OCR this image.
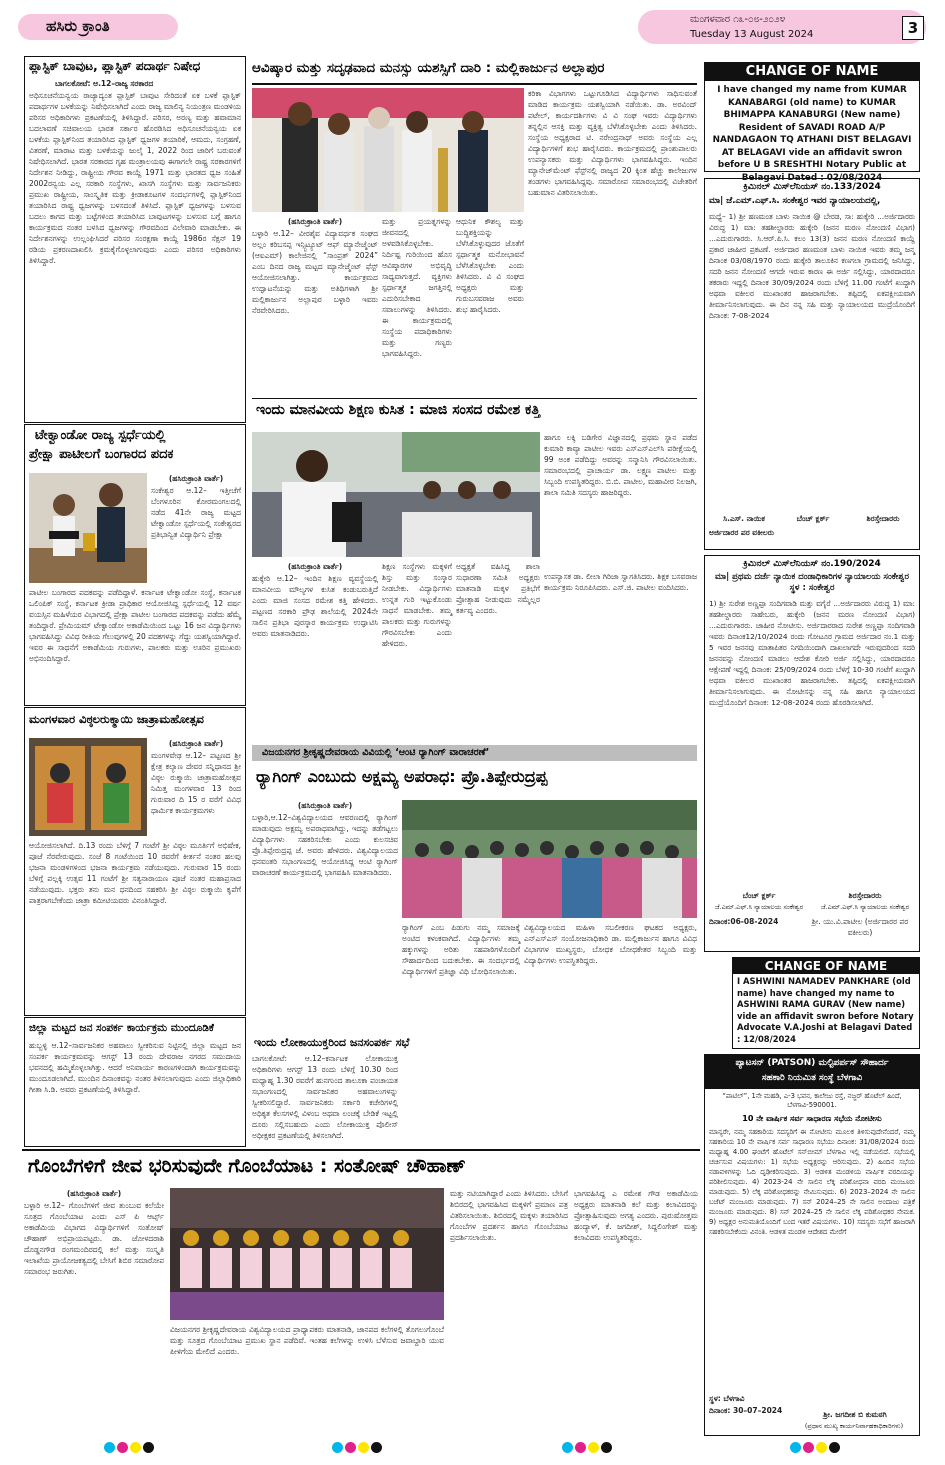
ಹಸಿರು ಕ್ರಾಂತಿ	ಮಂಗಳವಾರ ೧೩-೦೮-೨೦೨೪
Tuesday 13 August 2024	3
ಪ್ಲಾಸ್ಟಿಕ್ ಬಾವುಟ, ಪ್ಲಾಸ್ಟಿಕ್ ಪದಾರ್ಥ ನಿಷೇಧ
ಬಾಗಲಕೋಟೆ: ಆ.12–ರಾಜ್ಯ ಸರಕಾರದ
ಅಧಿಸೂಚನೆಯನ್ವಯ ರಾಜ್ಯಾದ್ಯಂತ ಪ್ಲಾಸ್ಟಿಕ್ ಬಾವುಟ ಸೇರಿದಂತೆ ಏಕ ಬಳಕೆ ಪ್ಲಾಸ್ಟಿಕ್ ಪದಾರ್ಥಗಳ ಬಳಕೆಯನ್ನು ನಿಷೇಧಿಸಲಾಗಿದೆ ಎಂದು ರಾಜ್ಯ ಮಾಲಿನ್ಯ ನಿಯಂತ್ರಣ ಮಂಡಳಿಯ ಪರಿಸರ ಅಧಿಕಾರಿಗಳು ಪ್ರಕಟಣೆಯಲ್ಲಿ ತಿಳಿಸಿದ್ದಾರೆ. ಪರಿಸರ, ಅರಣ್ಯ ಮತ್ತು ಹವಾಮಾನ ಬದಲಾವಣೆ ಸಚಿವಾಲಯ ಭಾರತ ಸರ್ಕಾರ ಹೊರಡಿಸಿದ ಅಧಿಸೂಚನೆಯನ್ವಯ ಏಕ ಬಳಕೆಯ ಪ್ಲಾಸ್ಟಿಕ್‌ನಿಂದ ತಯಾರಿಸಿದ ಪ್ಲಾಸ್ಟಿಕ್ ಧ್ವಜಗಳ ತಯಾರಿಕೆ, ಆಮದು, ಸಂಗ್ರಹಣೆ, ವಿತರಣೆ, ಮಾರಾಟ ಮತ್ತು ಬಳಕೆಯನ್ನು ಜುಲೈ 1, 2022 ರಿಂದ ಜಾರಿಗೆ ಬರುವಂತೆ ನಿಷೇಧಿಸಲಾಗಿದೆ. ಭಾರತ ಸರಕಾರದ ಗೃಹ ಮಂತ್ರಾಲಯವು ಈಗಾಗಲೇ ರಾಷ್ಟ್ರ ಸರಕಾರಗಳಿಗೆ ನಿರ್ದೇಶನ ನೀಡಿದ್ದು, ರಾಷ್ಟ್ರೀಯ ಗೌರವ ಕಾಯ್ದೆ 1971 ಮತ್ತು ಭಾರತದ ಧ್ವಜ ಸಂಹಿತೆ 2002ರನ್ವಯ ಎಲ್ಲ ಸರಕಾರಿ ಸಂಸ್ಥೆಗಳು, ಖಾಸಗಿ ಸಂಸ್ಥೆಗಳು ಮತ್ತು ಸಾರ್ವಜನಿಕರು ಪ್ರಮುಖ ರಾಷ್ಟ್ರೀಯ, ಸಾಂಸ್ಕೃತಿಕ ಮತ್ತು ಕ್ರೀಡಾಕೂಟಗಳ ಸಂದರ್ಭಗಳಲ್ಲಿ ಪ್ಲಾಸ್ಟಿಕ್‌ನಿಂದ ತಯಾರಿಸಿದ ರಾಷ್ಟ್ರ ಧ್ವಜಗಳನ್ನು ಬಳಸದಂತೆ ತಿಳಿಸಿದೆ. ಪ್ಲಾಸ್ಟಿಕ್ ಧ್ವಜಗಳನ್ನು ಬಳಸುವ ಬದಲು ಕಾಗದ ಮತ್ತು ಬಟ್ಟೆಗಳಿಂದ ತಯಾರಿಸಿದ ಬಾವುಟಗಳನ್ನು ಬಳಸುವ ಬಗ್ಗೆ ಹಾಗೂ ಕಾರ್ಯಕ್ರಮದ ನಂತರ ಬಳಸಿದ ಧ್ವಜಗಳನ್ನು ಗೌರವದಿಂದ ವಿಲೇವಾರಿ ಮಾಡಬೇಕು. ಈ ನಿರ್ದೇಶನಗಳನ್ನು ಉಲ್ಲಂಘಿಸಿದರೆ ಪರಿಸರ ಸಂರಕ್ಷಣಾ ಕಾಯ್ದೆ 1986ರ ಸೆಕ್ಷನ್ 19 ರಡಿಯ ಪ್ರಕರಣದಾಖಲಿಸಿ ಕ್ರಮಕೈಗೊಳ್ಳಲಾಗುವುದು ಎಂದು ಪರಿಸರ ಅಧಿಕಾರಿಗಳು ತಿಳಿಸಿದ್ದಾರೆ.
ಟೇಕ್ವಾಂಡೋ ರಾಜ್ಯ ಸ್ಪರ್ಧೆಯಲ್ಲಿ
ಪ್ರೇಕ್ಷಾ ಪಾಟೀಲಗೆ ಬಂಗಾರದ ಪದಕ
(ಹಸಿರುಕ್ರಾಂತಿ ವಾರ್ತೆ)
ಸಂಕೇಶ್ವರ ಆ.12– ಇತ್ತೀಚೆಗೆ ಬೆಂಗಳೂರಿನ ಕೋರಮಂಗಲದಲ್ಲಿ ನಡೆದ 41ನೇ ರಾಜ್ಯ ಮಟ್ಟದ ಟೇಕ್ವಾಂಡೋ ಸ್ಪರ್ಧೆಯಲ್ಲಿ ಸಂಕೇಶ್ವರದ ಪ್ರತಿಭಾನ್ವಿತ ವಿದ್ಯಾರ್ಥಿನಿ ಪ್ರೇಕ್ಷಾ
ಪಾಟೀಲ ಬಂಗಾರದ ಪದಕವನ್ನು ಪಡೆದಿದ್ದಾಳೆ. ಕರ್ನಾಟಕ ಟೇಕ್ವಾಂಡೋ ಸಂಸ್ಥೆ, ಕರ್ನಾಟಕ ಒಲಿಂಪಿಕ್ ಸಂಸ್ಥೆ, ಕರ್ನಾಟಕ ಕ್ರೀಡಾ ಪ್ರಾಧಿಕಾರ ಆಯೋಜಿಸಿದ್ದ ಸ್ಪರ್ಧೆಯಲ್ಲಿ 12 ವರ್ಷ ವಯಸ್ಸಿನ ಮಹಿಳೆಯರ ವಿಭಾಗದಲ್ಲಿ ಪ್ರೇಕ್ಷಾ ಪಾಟೀಲ ಬಂಗಾರದ ಪದಕವನ್ನು ಪಡೆದು ಹೆಮ್ಮೆ ತಂದಿದ್ದಾರೆ. ಪ್ರೇಮಿಯಮ್ ಟೇಕ್ವಾಂಡೋ ಅಕಾಡೆಮಿಯಿಂದ ಒಟ್ಟು 16 ಜನ ವಿದ್ಯಾರ್ಥಿಗಳು ಭಾಗವಹಿಸಿದ್ದು ವಿವಿಧ ರೀತಿಯ ಗೆಲುವುಗಳಲ್ಲಿ 20 ಪದಕಗಳನ್ನು ಗೆದ್ದು ಯಶಸ್ವಿಯಾಗಿದ್ದಾರೆ. ಇವರ ಈ ಸಾಧನೆಗೆ ಅಕಾಡೆಮಿಯ ಗುರುಗಳು, ಪಾಲಕರು ಮತ್ತು ಊರಿನ ಪ್ರಮುಖರು ಅಭಿನಂದಿಸಿದ್ದಾರೆ.
ಮಂಗಳವಾರ ವಿಠ್ಠಲರುಕ್ಮಾಯಿ ಜಾತ್ರಾಮಹೋತ್ಸವ
(ಹಸಿರುಕ್ರಾಂತಿ ವಾರ್ತೆ)
ಮಂಗಳವೇಢ ಆ.12– ಪಟ್ಟಣದ ಶ್ರೀ ಕ್ಷೇತ್ರ ಕಲ್ಯಾಣ ದೇವರ ಸನ್ನಿಧಾನದ ಶ್ರೀ ವಿಠ್ಠಲ ರುಕ್ಮಾಯಿ ಜಾತ್ರಾಮಹೋತ್ಸವ ನಿಮಿತ್ತ ಮಂಗಳವಾರ 13 ರಿಂದ ಗುರುವಾರ ದಿ 15 ರ ವರೆಗೆ ವಿವಿಧ ಧಾರ್ಮಿಕ ಕಾರ್ಯಕ್ರಮಗಳು
ಆಯೋಜಿಸಲಾಗಿದೆ. ದಿ.13 ರಂದು ಬೆಳಿಗ್ಗೆ 7 ಗಂಟೆಗೆ ಶ್ರೀ ವಿಠ್ಠಲ ಮೂರ್ತಿಗೆ ಅಭಿಷೇಕ, ಪೂಜೆ ನೆರವೇರುವುದು. ಸಂಜೆ 8 ಗಂಟೆಯಿಂದ 10 ರವರೆಗೆ ಕೀರ್ತನೆ ನಂತರ ಹಲವು ಭಜನಾ ಮಂಡಳಿಗಳಿಂದ ಭಜನಾ ಕಾರ್ಯಕ್ರಮ ನಡೆಯುವುದು. ಗುರುವಾರ 15 ರಂದು ಬೆಳಿಗ್ಗೆ ಪಲ್ಲಕ್ಕಿ ಉತ್ಸವ 11 ಗಂಟೆಗೆ ಶ್ರೀ ಸತ್ಯನಾರಾಯಣ ಪೂಜೆ ನಂತರ ಮಹಾಪ್ರಸಾದ ನಡೆಯುವುದು. ಭಕ್ತರು ತನು ಮನ ಧನದಿಂದ ಸಹಕರಿಸಿ ಶ್ರೀ ವಿಠ್ಠಲ ರುಕ್ಮಾಯಿ ಕೃಪೆಗೆ ಪಾತ್ರರಾಗಬೇಕೆಂದು ಜಾತ್ರಾ ಕಮೀಟಿಯವರು ವಿನಂತಿಸಿದ್ದಾರೆ.
ಜಿಲ್ಲಾ ಮಟ್ಟದ ಜನ ಸಂಪರ್ಕ ಕಾರ್ಯಕ್ರಮ ಮುಂದೂಡಿಕೆ
ಹುಬ್ಬಳ್ಳಿ ಆ.12–ಸಾರ್ವಜನಿಕರ ಅಹವಾಲು ಸ್ವೀಕರಿಸುವ ನಿಟ್ಟಿನಲ್ಲಿ ಜಿಲ್ಲಾ ಮಟ್ಟದ ಜನ ಸಂಪರ್ಕ ಕಾರ್ಯಕ್ರಮವನ್ನು ಆಗಸ್ಟ್ 13 ರಂದು ದೇವರಾಜ ನಗರದ ಸಮುದಾಯ ಭವನದಲ್ಲಿ ಹಮ್ಮಿಕೊಳ್ಳಲಾಗಿತ್ತು. ಆದರೆ ಅನಿವಾರ್ಯ ಕಾರಣಗಳಿಂದಾಗಿ ಕಾರ್ಯಕ್ರಮವನ್ನು ಮುಂದೂಡಲಾಗಿದೆ. ಮುಂದಿನ ದಿನಾಂಕವನ್ನು ನಂತರ ತಿಳಿಸಲಾಗುವುದು ಎಂದು ಜಿಲ್ಲಾಧಿಕಾರಿ ಗೀತಾ ಸಿ.ಡಿ. ಅವರು ಪ್ರಕಟಣೆಯಲ್ಲಿ ತಿಳಿಸಿದ್ದಾರೆ.
ಆವಿಷ್ಕಾರ ಮತ್ತು ಸದೃಢವಾದ ಮನಸ್ಸು ಯಶಸ್ಸಿಗೆ ದಾರಿ : ಮಲ್ಲಿಕಾರ್ಜುನ ಅಲ್ಲಾಪುರ
ಕರಿಕಾ ವಿಭಾಗಗಳು ಒಟ್ಟುಗೂಡಿಸಿದ ವಿದ್ಯಾರ್ಥಿಗಳು ಸಾಧಿಸುವಂತೆ ಮಾಡಿದ ಕಾರ್ಯಕ್ರಮ ಯಶಸ್ವಿಯಾಗಿ ನಡೆಯಿತು. ಡಾ. ಅರವಿಂದ್ ಪಟೇಲ್, ಕಾರ್ಯದರ್ಶಿಗಳು ವಿ ವಿ ಸಂಘ ಇವರು ವಿದ್ಯಾರ್ಥಿಗಳು ತನ್ನಲ್ಲಿನ ಆಸಕ್ತಿ ಮತ್ತು ವ್ಯಕ್ತಿತ್ವ ಬೆಳೆಸಿಕೊಳ್ಳಬೇಕು ಎಂದು ತಿಳಿಸಿದರು. ಸಂಸ್ಥೆಯ ಅಧ್ಯಕ್ಷರಾದ ಟಿ. ನರೇಂದ್ರನಾಥ್ ಅವರು ಸಂಸ್ಥೆಯ ಎಲ್ಲ ವಿದ್ಯಾರ್ಥಿಗಳಿಗೆ ಶುಭ ಹಾರೈಸಿದರು. ಕಾರ್ಯಕ್ರಮದಲ್ಲಿ ಪ್ರಾಂಶುಪಾಲರು ಉಪನ್ಯಾಸಕರು ಮತ್ತು ವಿದ್ಯಾರ್ಥಿಗಳು ಭಾಗವಹಿಸಿದ್ದರು. ಇಂದಿನ ಮ್ಯಾನೇಜ್‌ಮೆಂಟ್ ಫೆಸ್ಟ್‌ನಲ್ಲಿ ರಾಜ್ಯದ 20 ಕ್ಕಿಂತ ಹೆಚ್ಚು ಕಾಲೇಜುಗಳ ತಂಡಗಳು ಭಾಗವಹಿಸಿದ್ದವು. ಸಮಾರೋಪ ಸಮಾರಂಭದಲ್ಲಿ ವಿಜೇತರಿಗೆ ಬಹುಮಾನ ವಿತರಿಸಲಾಯಿತು.
(ಹಸಿರುಕ್ರಾಂತಿ ವಾರ್ತೆ)
ಬಳ್ಳಾರಿ ಆ.12– ವೀರಶೈವ ವಿದ್ಯಾವರ್ಧಕ ಸಂಘದ ಅಲ್ಲಂ ಕರಿಬಸಪ್ಪ ಇನ್ಸ್ಟಿಟ್ಯೂಟ್ ಆಫ್ ಮ್ಯಾನೇಜ್ಮೆಂಟ್ (ಆಐಎಮ್) ಕಾಲೇಜಿನಲ್ಲಿ “ಸಾಂಪ್ರತ್ 2024” ಎಂಬ ದಿನದ ರಾಜ್ಯ ಮಟ್ಟದ ಮ್ಯಾನೇಜ್ಮೆಂಟ್ ಫೆಸ್ಟ್ ಆಯೋಜಿಸಲಾಗಿತ್ತು. ಕಾರ್ಯಕ್ರಮದ ಉದ್ಘಾಟನೆಯನ್ನು ಮತ್ತು ಅತಿಥಿಗಳಾಗಿ ಶ್ರೀ ಮಲ್ಲಿಕಾರ್ಜುನ ಅಲ್ಲಾಪುರ ಬಳ್ಳಾರಿ ಇವರು ನೆರವೇರಿಸಿದರು.
ಮತ್ತು ಪ್ರಯತ್ನಗಳನ್ನು ಜೀವನದಲ್ಲಿ ಅಳವಡಿಸಿಕೊಳ್ಳಬೇಕು. ನಿರ್ದಿಷ್ಟ ಗುರಿಯಿಂದ ಹೊಸ ಆವಿಷ್ಕಾರಗಳ ಅಭಿವೃದ್ಧಿ ಸಾಧ್ಯವಾಗುತ್ತದೆ. ವ್ಯಕ್ತಿಗಳು ಸ್ಪರ್ಧಾತ್ಮಕ ಜಗತ್ತಿನಲ್ಲಿ ಎದುರಿಸಬೇಕಾದ ಸವಾಲುಗಳನ್ನು ತಿಳಿಸಿದರು. ಈ ಕಾರ್ಯಕ್ರಮದಲ್ಲಿ ಸಂಸ್ಥೆಯ ಪದಾಧಿಕಾರಿಗಳು ಮತ್ತು ಗಣ್ಯರು ಭಾಗವಹಿಸಿದ್ದರು.
ಆಧುನಿಕ ಕೌಶಲ್ಯ ಮತ್ತು ಬುದ್ಧಿಶಕ್ತಿಯನ್ನು ಬೆಳೆಸಿಕೊಳ್ಳುವುದರ ಜೊತೆಗೆ ಸ್ಪರ್ಧಾತ್ಮಕ ಮನೋಭಾವನೆ ಬೆಳೆಸಿಕೊಳ್ಳಬೇಕು ಎಂದು ತಿಳಿಸಿದರು. ವಿ ವಿ ಸಂಘದ ಅಧ್ಯಕ್ಷರು ಮತ್ತು ಗುರುಬಸವರಾಜ ಅವರು ಶುಭ ಹಾರೈಸಿದರು.
ಇಂದು ಮಾನವೀಯ ಶಿಕ್ಷಣ ಕುಸಿತ : ಮಾಜಿ ಸಂಸದ ರಮೇಶ ಕತ್ತಿ
ಹಾಗೂ ಲಕ್ಕಿ ಬಡಿಗೇರ ವಿಜ್ಞಾನದಲ್ಲಿ ಪ್ರಥಮ ಸ್ಥಾನ ಪಡೆದ ಕುಮಾರಿ ಕಾವ್ಯಾ ಪಾಟೀಲ ಇವರು ಎಸ್‌ಎಸ್‌ಎಲ್‌ಸಿ ಪರೀಕ್ಷೆಯಲ್ಲಿ 99 ಅಂಕ ಪಡೆದಿದ್ದು ಅವರನ್ನು ಸನ್ಮಾನಿಸಿ ಗೌರವಿಸಲಾಯಿತು. ಸಮಾರಂಭದಲ್ಲಿ ಪ್ರಾಚಾರ್ಯ ಡಾ. ಲಕ್ಷ್ಮಣ ಪಾಟೀಲ ಮತ್ತು ಸಿಬ್ಬಂದಿ ಉಪಸ್ಥಿತರಿದ್ದರು. ಬಿ.ಬಿ. ಪಾಟೀಲ, ಮಹಾವೀರ ನಿಲಜಗಿ, ಶಾಲಾ ಸಮಿತಿ ಸದಸ್ಯರು ಹಾಜರಿದ್ದರು.
(ಹಸಿರುಕ್ರಾಂತಿ ವಾರ್ತೆ)
ಹುಕ್ಕೇರಿ ಆ.12– ಇಂದಿನ ಶಿಕ್ಷಣ ವ್ಯವಸ್ಥೆಯಲ್ಲಿ ಮಾನವೀಯ ಮೌಲ್ಯಗಳ ಕುಸಿತ ಕಂಡುಬರುತ್ತಿದೆ ಎಂದು ಮಾಜಿ ಸಂಸದ ರಮೇಶ ಕತ್ತಿ ಹೇಳಿದರು. ಪಟ್ಟಣದ ಸರಕಾರಿ ಪ್ರೌಢ ಶಾಲೆಯಲ್ಲಿ 2024ನೇ ಸಾಲಿನ ಪ್ರತಿಭಾ ಪುರಸ್ಕಾರ ಕಾರ್ಯಕ್ರಮ ಉದ್ಘಾಟಿಸಿ ಅವರು ಮಾತನಾಡಿದರು.
ಶಿಕ್ಷಣ ಸಂಸ್ಥೆಗಳು ಮಕ್ಕಳಿಗೆ ಶಿಸ್ತು ಮತ್ತು ಸಂಸ್ಕಾರ ನೀಡಬೇಕು. ವಿದ್ಯಾರ್ಥಿಗಳು ಉನ್ನತ ಗುರಿ ಇಟ್ಟುಕೊಂಡು ಸಾಧನೆ ಮಾಡಬೇಕು. ತಮ್ಮ ಪಾಲಕರು ಮತ್ತು ಗುರುಗಳನ್ನು ಗೌರವಿಸಬೇಕು ಎಂದು ಹೇಳಿದರು.
ಅಧ್ಯಕ್ಷತೆ ವಹಿಸಿದ್ದ ಶಾಲಾ ಸುಧಾರಣಾ ಸಮಿತಿ ಅಧ್ಯಕ್ಷರು ಮಾತನಾಡಿ ಮಕ್ಕಳ ಪ್ರತಿಭೆಗೆ ಪ್ರೋತ್ಸಾಹ ನೀಡುವುದು ನಮ್ಮೆಲ್ಲರ ಕರ್ತವ್ಯ ಎಂದರು.
ಉಪನ್ಯಾಸಕ ಡಾ. ಲೀಲಾ ಗಿರಿಜಾ ಸ್ವಾಗತಿಸಿದರು. ಶಿಕ್ಷಕ ಬಸವರಾಜ ಕಾರ್ಯಕ್ರಮ ನಿರೂಪಿಸಿದರು. ಎಸ್.ಜಿ. ಪಾಟೀಲ ವಂದಿಸಿದರು.
ವಿಜಯನಗರ ಶ್ರೀಕೃಷ್ಣದೇವರಾಯ ವಿವಿಯಲ್ಲಿ ‘ಆಂಟಿ ರ‍್ಯಾಗಿಂಗ್ ವಾರಾಚರಣೆ’
ರ‍್ಯಾಗಿಂಗ್ ಎಂಬುದು ಅಕ್ಷಮ್ಯ ಅಪರಾಧ: ಪ್ರೊ.ತಿಪ್ಪೇರುದ್ರಪ್ಪ
(ಹಸಿರುಕ್ರಾಂತಿ ವಾರ್ತೆ)
ಬಳ್ಳಾರಿ,ಆ.12–ವಿಶ್ವವಿದ್ಯಾಲಯದ ಆವರಣದಲ್ಲಿ ರ‍್ಯಾಗಿಂಗ್ ಮಾಡುವುದು ಅಕ್ಷಮ್ಯ ಅಪರಾಧವಾಗಿದ್ದು, ಇದನ್ನು ತಡೆಗಟ್ಟಲು ವಿದ್ಯಾರ್ಥಿಗಳು ಸಹಕರಿಸಬೇಕು ಎಂದು ಕುಲಸಚಿವ ಪ್ರೊ.ತಿಪ್ಪೇರುದ್ರಪ್ಪ ಜೆ. ಅವರು ಹೇಳಿದರು. ವಿಶ್ವವಿದ್ಯಾಲಯದ ಧನವಂತರಿ ಸಭಾಂಗಣದಲ್ಲಿ ಆಯೋಜಿಸಿದ್ದ ಆಂಟಿ ರ‍್ಯಾಗಿಂಗ್ ವಾರಾಚರಣೆ ಕಾರ್ಯಕ್ರಮದಲ್ಲಿ ಭಾಗವಹಿಸಿ ಮಾತನಾಡಿದರು.
ರ‍್ಯಾಗಿಂಗ್ ಎಂಬ ಪಿಡುಗು ನಮ್ಮ ಸಮಾಜಕ್ಕೆ ಅಂಟಿದ ಕಳಂಕವಾಗಿದೆ. ವಿದ್ಯಾರ್ಥಿಗಳು ತಮ್ಮ ಹಕ್ಕುಗಳನ್ನು ಅರಿತು ಸಹಪಾಠಿಗಳೊಂದಿಗೆ ಸೌಹಾರ್ದದಿಂದ ಬದುಕಬೇಕು. ಈ ಸಂದರ್ಭದಲ್ಲಿ ವಿದ್ಯಾರ್ಥಿಗಳಿಗೆ ಪ್ರತಿಜ್ಞಾ ವಿಧಿ ಬೋಧಿಸಲಾಯಿತು.
ವಿಶ್ವವಿದ್ಯಾಲಯದ ಮಹಿಳಾ ಸಬಲೀಕರಣ ಘಟಕದ ಅಧ್ಯಕ್ಷರು, ಎನ್‌ಎಸ್‌ಎಸ್ ಸಂಯೋಜನಾಧಿಕಾರಿ ಡಾ. ಮಲ್ಲಿಕಾರ್ಜುನ ಹಾಗೂ ವಿವಿಧ ವಿಭಾಗಗಳ ಮುಖ್ಯಸ್ಥರು, ಬೋಧಕ ಬೋಧಕೇತರ ಸಿಬ್ಬಂದಿ ಮತ್ತು ವಿದ್ಯಾರ್ಥಿಗಳು ಉಪಸ್ಥಿತರಿದ್ದರು.
ಇಂದು ಲೋಕಾಯುಕ್ತರಿಂದ ಜನಸಂಪರ್ಕ ಸಭೆ
ಬಾಗಲಕೋಟೆ: ಆ.12–ಕರ್ನಾಟಕ ಲೋಕಾಯುಕ್ತ ಅಧಿಕಾರಿಗಳು ಆಗಸ್ಟ್ 13 ರಂದು ಬೆಳಿಗ್ಗೆ 10.30 ರಿಂದ ಮಧ್ಯಾಹ್ನ 1.30 ರವರೆಗೆ ಹುನಗುಂದ ತಾಲೂಕಾ ಪಂಚಾಯತ ಸಭಾಂಗಣದಲ್ಲಿ ಸಾರ್ವಜನಿಕರ ಅಹವಾಲುಗಳನ್ನು ಸ್ವೀಕರಿಸಲಿದ್ದಾರೆ. ಸಾರ್ವಜನಿಕರು ಸರ್ಕಾರಿ ಕಚೇರಿಗಳಲ್ಲಿ ಅಧಿಕೃತ ಕೆಲಸಗಳಲ್ಲಿ ವಿಳಂಬ ಅಥವಾ ಲಂಚಕ್ಕೆ ಬೇಡಿಕೆ ಇಟ್ಟಲ್ಲಿ ದೂರು ಸಲ್ಲಿಸಬಹುದು ಎಂದು ಲೋಕಾಯುಕ್ತ ಪೊಲೀಸ್ ಅಧೀಕ್ಷಕರ ಪ್ರಕಟಣೆಯಲ್ಲಿ ತಿಳಿಸಲಾಗಿದೆ.
ಗೊಂಬೆಗಳಿಗೆ ಜೀವ ಭರಿಸುವುದೇ ಗೊಂಬೆಯಾಟ : ಸಂತೋಷ್ ಚೌಹಾಣ್
(ಹಸಿರುಕ್ರಾಂತಿ ವಾರ್ತೆ)
ಬಳ್ಳಾರಿ ಆ.12– ಗೊಂಬೆಗಳಿಗೆ ಜೀವ ತುಂಬುವ ಕಲೆಯೇ ಸೂತ್ರದ ಗೊಂಬೆಯಾಟ ಎಂದು ಎಸ್ ಪಿ ಆರ್ಟ್ಸ್ ಅಕಾಡೆಮಿಯ ವಿಭಾಗದ ವಿದ್ಯಾರ್ಥಿಗಳಿಗೆ ಸಂತೋಷ್ ಚೌಹಾಣ್ ಅಭಿಪ್ರಾಯಪಟ್ಟರು. ಡಾ. ಜೋಳದರಾಶಿ ದೊಡ್ಡನಗೌಡ ರಂಗಮಂದಿರದಲ್ಲಿ ಕಲೆ ಮತ್ತು ಸಂಸ್ಕೃತಿ ಇಲಾಖೆಯ ಪ್ರಾಯೋಜಕತ್ವದಲ್ಲಿ ಬೇಸಿಗೆ ಶಿಬಿರ ಸಮಾರೋಪ ಸಮಾರಂಭ ಜರುಗಿತು.
ವಿಜಯನಗರ ಶ್ರೀಕೃಷ್ಣದೇವರಾಯ ವಿಶ್ವವಿದ್ಯಾಲಯದ ಪ್ರಾಧ್ಯಾಪಕರು ಮಾತನಾಡಿ, ಜಾನಪದ ಕಲೆಗಳಲ್ಲಿ ತೊಗಲುಗೊಂಬೆ ಮತ್ತು ಸೂತ್ರದ ಗೊಂಬೆಯಾಟ ಪ್ರಮುಖ ಸ್ಥಾನ ಪಡೆದಿವೆ. ಇಂತಹ ಕಲೆಗಳನ್ನು ಉಳಿಸಿ ಬೆಳೆಸುವ ಜವಾಬ್ದಾರಿ ಯುವ ಪೀಳಿಗೆಯ ಮೇಲಿದೆ ಎಂದರು.
ಮತ್ತು ನಟಿಯಾಗಿದ್ದಾರೆ ಎಂದು ತಿಳಿಸಿದರು. ಬೇಸಿಗೆ ಶಿಬಿರದಲ್ಲಿ ಭಾಗವಹಿಸಿದ ಮಕ್ಕಳಿಗೆ ಪ್ರಮಾಣ ಪತ್ರ ವಿತರಿಸಲಾಯಿತು. ಶಿಬಿರದಲ್ಲಿ ಮಕ್ಕಳು ತಯಾರಿಸಿದ ಗೊಂಬೆಗಳ ಪ್ರದರ್ಶನ ಹಾಗೂ ಗೊಂಬೆಯಾಟ ಪ್ರದರ್ಶಿಸಲಾಯಿತು.
ಭಾಗವಹಿಸಿದ್ದ ಎ ರಮೇಶ ಗೌಡ ಅಕಾಡೆಮಿಯ ಅಧ್ಯಕ್ಷರು ಮಾತನಾಡಿ ಕಲೆ ಮತ್ತು ಕಲಾವಿದರನ್ನು ಪ್ರೋತ್ಸಾಹಿಸುವುದು ಅಗತ್ಯ ಎಂದರು. ಪುರುಷೋತ್ತಮ ಹಂದ್ಯಾಳ್, ಕೆ. ಜಗದೀಶ್, ಸಿದ್ದಲಿಂಗೇಶ್ ಮತ್ತು ಕಲಾವಿದರು ಉಪಸ್ಥಿತರಿದ್ದರು.
CHANGE OF NAME
I have changed my name from KUMAR KANABARGI (old name) to KUMAR BHIMAPPA KANABURGI (New name) Resident of SAVADI ROAD A/P NANDAGAON TQ ATHANI DIST BELAGAVI AT BELAGAVI vide an affidavit swron before U B SRESHTHI Notary Public at Belagavi Dated : 02/08/2024
ಕ್ರಿಮಿನಲ್ ಮಿಸ್‌ಲೆನಿಯಸ್ ನಂ.133/2024
ಮಾ| ಜೆ.ಎಮ್.ಎಫ್.ಸಿ. ಸಂಕೇಶ್ವರ ಇವರ ನ್ಯಾಯಾಲಯದಲ್ಲಿ,
ಮಧ್ಯೆ– 1) ಶ್ರೀ ಹಣಮಂತ ಬಾಳು ನಾಯಿಕ @ ಬೇರಡ, ಸಾ: ಹುಕ್ಕೇರಿ ...ಅರ್ಜಿದಾರರು ವಿರುದ್ಧ 1) ಮಾ: ತಹಶೀಲ್ದಾರರು ಹುಕ್ಕೇರಿ (ಜನನ ಮರಣ ನೋಂದಣಿ ವಿಭಾಗ) ...ಎದುರುಗಾರರು. ಸಿ.ಆರ್.ಪಿ.ಸಿ. ಕಲಂ 13(3) ಜನನ ಮರಣ ನೋಂದಣಿ ಕಾಯ್ದೆ ಪ್ರಕಾರ ಜಾಹೀರ ಪ್ರಕಟಣೆ. ಅರ್ಜಿದಾರ ಹಣಮಂತ ಬಾಳು ನಾಯಿಕ ಇವರು ತಮ್ಮ ಜನ್ಮ ದಿನಾಂಕ 03/08/1970 ರಂದು ಹುಕ್ಕೇರಿ ತಾಲೂಕಿನ ಕಣಗಲಾ ಗ್ರಾಮದಲ್ಲಿ ಜನಿಸಿದ್ದು, ಸದರಿ ಜನನ ನೋಂದಣಿ ಆಗದೇ ಇರುವ ಕಾರಣ ಈ ಅರ್ಜಿ ಸಲ್ಲಿಸಿದ್ದು, ಯಾರದಾದರೂ ತಕರಾರು ಇದ್ದಲ್ಲಿ ದಿನಾಂಕ 30/09/2024 ರಂದು ಬೆಳಿಗ್ಗೆ 11.00 ಗಂಟೆಗೆ ಖುದ್ದಾಗಿ ಅಥವಾ ವಕೀಲರ ಮುಖಾಂತರ ಹಾಜರಾಗಬೇಕು. ತಪ್ಪಿದಲ್ಲಿ ಏಕಪಕ್ಷೀಯವಾಗಿ ತೀರ್ಮಾನಿಸಲಾಗುವುದು. ಈ ದಿನ ನನ್ನ ಸಹಿ ಮತ್ತು ನ್ಯಾಯಾಲಯದ ಮುದ್ರೆಯೊಂದಿಗೆ ದಿನಾಂಕ: 7-08-2024
ಬೆಂಚ್ ಕ್ಲರ್ಕ್	ಶಿರಸ್ತೇದಾರರು
ಸಿ.ಎಸ್. ನಾಯಿಕ
ಅರ್ಜಿದಾರರ ಪರ ವಕೀಲರು
ಕ್ರಿಮಿನಲ್ ಮಿಸ್‌ಲೆನಿಯಸ್ ನಂ.190/2024
ಮಾ| ಪ್ರಥಮ ದರ್ಜೆ ನ್ಯಾಯಿಕ ದಂಡಾಧಿಕಾರಿಗಳ ನ್ಯಾಯಾಲಯ ಸಂಕೇಶ್ವರ ಸ್ಥಳ : ಸಂಕೇಶ್ವರ
1) ಶ್ರೀ ಸುರೇಶ ಅಣ್ಣಪ್ಪಾ ಸಂದಿಗವಾಡಿ ಮತ್ತು ವಗೈರೆ ...ಅರ್ಜಿದಾರರು ವಿರುದ್ಧ 1) ಮಾ: ತಹಶೀಲ್ದಾರರು ಸಾಹೇಬರು, ಹುಕ್ಕೇರಿ (ಜನನ ಮರಣ ನೋಂದಣಿ ವಿಭಾಗ) ...ಎದುರುಗಾರರು. ಜಾಹೀರ ನೋಟೀಸು. ಅರ್ಜಿದಾರರಾದ ಸುರೇಶ ಅಣ್ಣಪ್ಪಾ ಸಂದಿಗವಾಡಿ ಇವರು ದಿನಾಂಕ12/10/2024 ರಂದು ಗೋಟೂರ ಗ್ರಾಮದ ಅರ್ಜಿದಾರ ನಂ.1 ಮತ್ತು 5 ಇವರ ಜನನವು ಮಾತಾಪಿತರ ನಿಗದಿಯಿಂದಾಗಿ ದಾಖಲಾಗದೇ ಇರುವುದರಿಂದ ಸದರಿ ಜನನವನ್ನು ನೋಂದಣಿ ಮಾಡಲು ಆದೇಶ ಕೋರಿ ಅರ್ಜಿ ಸಲ್ಲಿಸಿದ್ದು, ಯಾರದಾದರೂ ಆಕ್ಷೇಪಣೆ ಇದ್ದಲ್ಲಿ ದಿನಾಂಕ: 25/09/2024 ರಂದು ಬೆಳಿಗ್ಗೆ 10-30 ಗಂಟೆಗೆ ಖುದ್ದಾಗಿ ಅಥವಾ ವಕೀಲರ ಮುಖಾಂತರ ಹಾಜರಾಗಬೇಕು. ತಪ್ಪಿದಲ್ಲಿ ಏಕಪಕ್ಷೀಯವಾಗಿ ತೀರ್ಮಾನಿಸಲಾಗುವುದು. ಈ ನೋಟೀಸನ್ನು ನನ್ನ ಸಹಿ ಹಾಗೂ ನ್ಯಾಯಾಲಯದ ಮುದ್ರೆಯೊಂದಿಗೆ ದಿನಾಂಕ: 12-08-2024 ರಂದು ಹೊರಡಿಸಲಾಗಿದೆ.
ಬೆಂಚ್ ಕ್ಲರ್ಕ್	ಶಿರಸ್ತೇದಾರರು
ಜೆ.ಎಮ್.ಎಫ್.ಸಿ ನ್ಯಾಯಾಲಯ ಸಂಕೇಶ್ವರ	ಜೆ.ಎಮ್.ಎಫ್.ಸಿ ನ್ಯಾಯಾಲಯ ಸಂಕೇಶ್ವರ
ದಿನಾಂಕ:06-08-2024	ಶ್ರೀ. ಯು.ವಿ.ಪಾಟೀಲ (ಅರ್ಜಿದಾರರ ಪರ ವಕೀಲರು)
CHANGE OF NAME
I ASHWINI NAMADEV PANKHARE (old name) have changed my name to ASHWINI RAMA GURAV (New name) vide an affidavit swron before Notary Advocate V.A.Joshi at Belagavi Dated : 12/08/2024
ಪ್ಯಾಟಸನ್ (PATSON) ಮಲ್ಟಿಪರ್ಪಸ್ ಸೌಹಾರ್ದ
ಸಹಕಾರಿ ನಿಯಮಿತ ಸಂಸ್ಥೆ ಬೆಳಗಾವಿ
“ಪಾಟಿಲ್”, 1ನೇ ಮಹಡಿ, ಎ-3 ಭವನ, ಕಾಲೇಜು ರಸ್ತೆ, ನಜ್ಜರ್ ಹೊಟೆಲ್ ಹಿಂದೆ, ಬೆಳಗಾವಿ-590001.
10 ನೇ ವಾರ್ಷಿಕ ಸರ್ವ ಸಾಧಾರಣ ಸಭೆಯ ನೋಟೀಸು
ಮಾನ್ಯರೇ, ನಮ್ಮ ಸಹಕಾರಿಯ ಸದಸ್ಯರಿಗೆ ಈ ನೋಟೀಸು ಮೂಲಕ ತಿಳಿಸುವುದೇನೆಂದರೆ, ನಮ್ಮ ಸಹಕಾರಿಯ 10 ನೇ ವಾರ್ಷಿಕ ಸರ್ವ ಸಾಧಾರಣ ಸಭೆಯು ದಿನಾಂಕ: 31/08/2024 ರಂದು ಮಧ್ಯಾಹ್ನ 4.00 ಘಂಟೆಗೆ ಹೊಟೆಲ್ ಸನ್‌ಬೀಮ್ ಬೆಳಗಾವಿ ಇಲ್ಲಿ ನಡೆಯಲಿದೆ. ಸಭೆಯಲ್ಲಿ ಚರ್ಚಿಸುವ ವಿಷಯಗಳು: 1) ಸಭೆಯ ಅಧ್ಯಕ್ಷರನ್ನು ಆರಿಸುವುದು. 2) ಹಿಂದಿನ ಸಭೆಯ ನಡಾವಳಿಗಳನ್ನು ಓದಿ ದೃಢೀಕರಿಸುವುದು. 3) ಆಡಳಿತ ಮಂಡಳಿಯ ವಾರ್ಷಿಕ ವರದಿಯನ್ನು ಪರಿಶೀಲಿಸುವುದು. 4) 2023-24 ನೇ ಸಾಲಿನ ಲೆಕ್ಕ ಪರಿಶೋಧನಾ ವರದಿ ಮಂಜೂರು ಮಾಡುವುದು. 5) ಲೆಕ್ಕ ಪರಿಶೋಧಕರನ್ನು ನೇಮಿಸುವುದು. 6) 2023–2024 ನೇ ಸಾಲಿನ ಬಜೆಟ್ ಮಂಜೂರು ಮಾಡುವುದು. 7) ಸನ್ 2024–25 ನೇ ಸಾಲಿನ ಅಂದಾಜು ಪತ್ರಿಕೆ ಮಂಜೂರು ಮಾಡುವುದು. 8) ಸನ್ 2024–25 ನೇ ಸಾಲಿನ ಲೆಕ್ಕ ಪರಿಶೋಧಕರ ನೇಮಕ. 9) ಅಧ್ಯಕ್ಷರ ಅನುಮತಿಯೊಂದಿಗೆ ಬಂದ ಇತರೆ ವಿಷಯಗಳು. 10) ಸದಸ್ಯರು ಸಭೆಗೆ ಹಾಜರಾಗಿ ಸಹಕರಿಸಬೇಕೆಂದು ವಿನಂತಿ. ಆಡಳಿತ ಮಂಡಳಿ ಆದೇಶದ ಮೇರೆಗೆ
ಸ್ಥಳ: ಬೆಳಗಾವಿ
ದಿನಾಂಕ: 30–07–2024	ಶ್ರೀ. ಜಗದೀಶ ಬಿ ಕುಮಠಗಿ
(ಪ್ರಧಾನ ಮುಖ್ಯ ಕಾರ್ಯನಿರ್ವಾಹಕಾಧಿಕಾರಿಗಳು)
